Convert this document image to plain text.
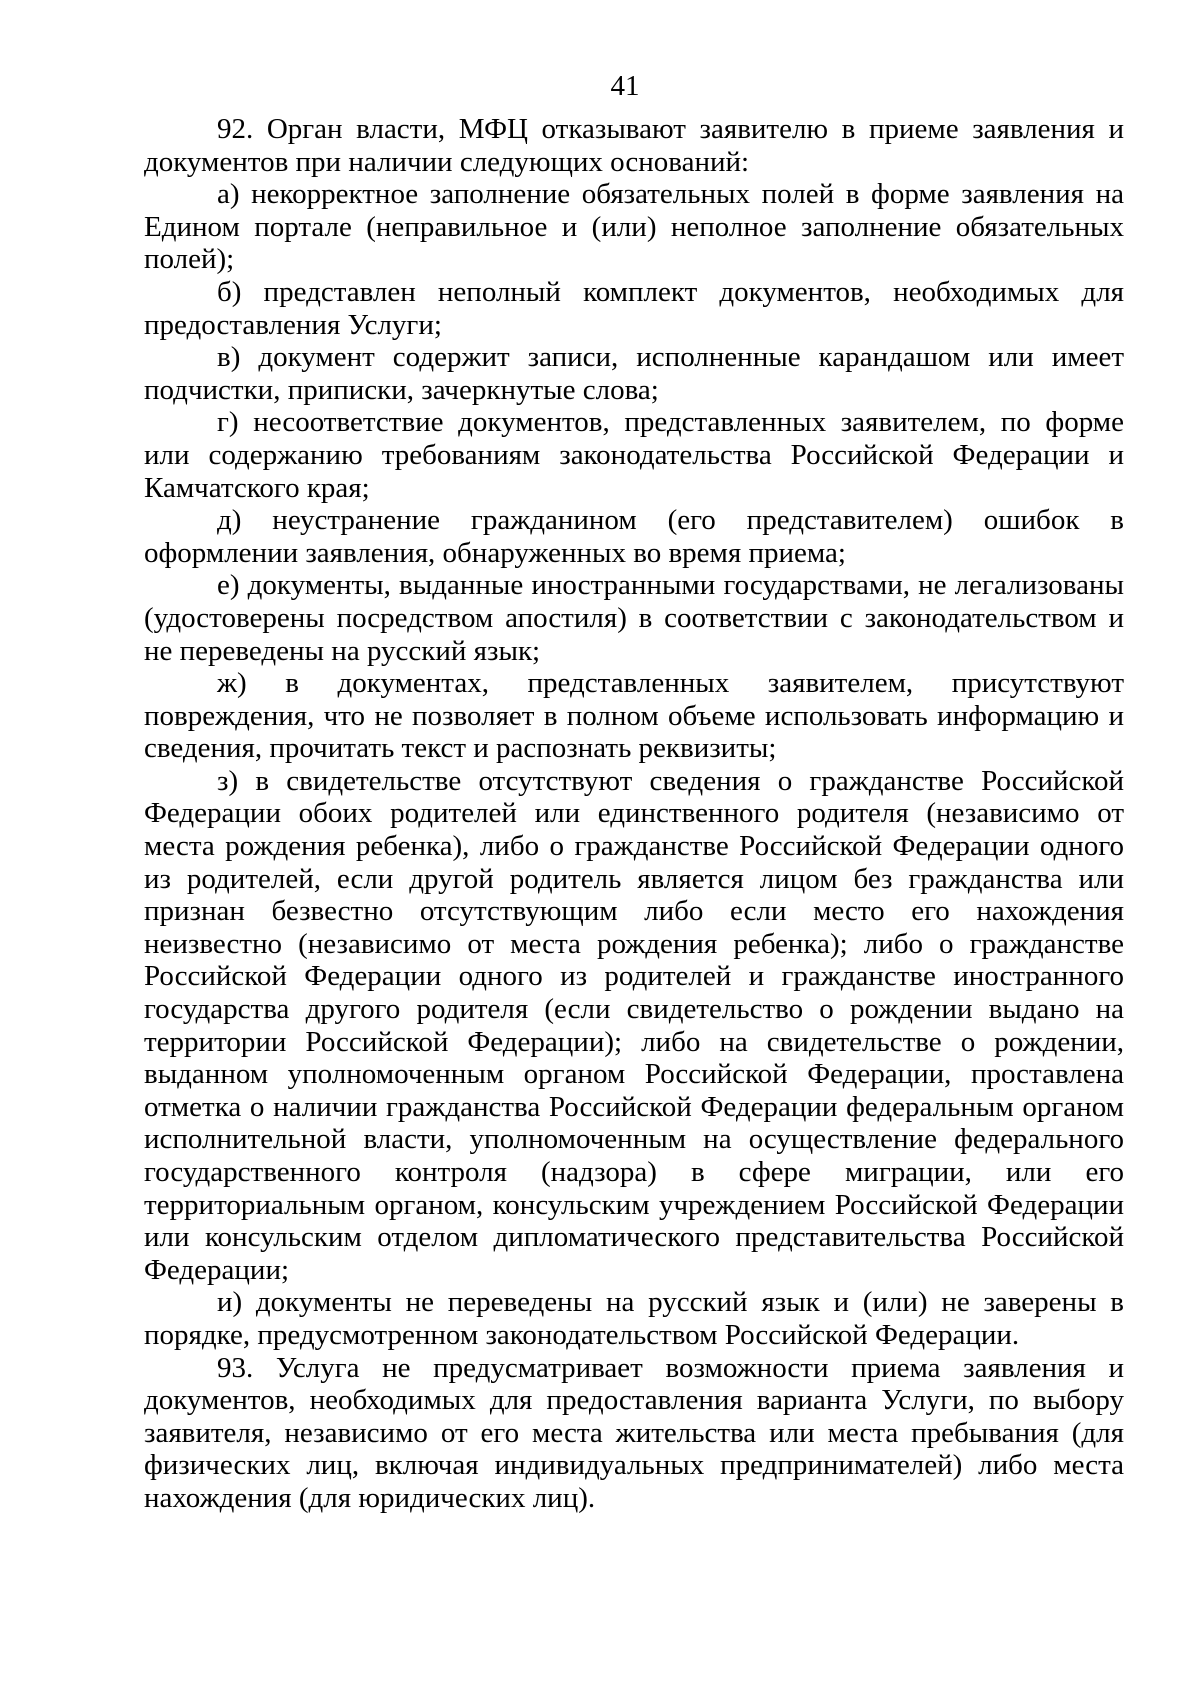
41

92. Орган власти, МФЦ отказывают заявителю в приеме заявления и документов при наличии следующих оснований:

а) некорректное заполнение обязательных полей в форме заявления на Едином портале (неправильное и (или) неполное заполнение обязательных полей);

б) представлен неполный комплект документов, необходимых для предоставления Услуги;

в) документ содержит записи, исполненные карандашом или имеет подчистки, приписки, зачеркнутые слова;

г) несоответствие документов, представленных заявителем, по форме или содержанию требованиям законодательства Российской Федерации и Камчатского края;

д) неустранение гражданином (его представителем) ошибок в оформлении заявления, обнаруженных во время приема;

е) документы, выданные иностранными государствами, не легализованы (удостоверены посредством апостиля) в соответствии с законодательством и не переведены на русский язык;

ж) в документах, представленных заявителем, присутствуют повреждения, что не позволяет в полном объеме использовать информацию и сведения, прочитать текст и распознать реквизиты;

з) в свидетельстве отсутствуют сведения о гражданстве Российской Федерации обоих родителей или единственного родителя (независимо от места рождения ребенка), либо о гражданстве Российской Федерации одного из родителей, если другой родитель является лицом без гражданства или признан безвестно отсутствующим либо если место его нахождения неизвестно (независимо от места рождения ребенка); либо о гражданстве Российской Федерации одного из родителей и гражданстве иностранного государства другого родителя (если свидетельство о рождении выдано на территории Российской Федерации); либо на свидетельстве о рождении, выданном уполномоченным органом Российской Федерации, проставлена отметка о наличии гражданства Российской Федерации федеральным органом исполнительной власти, уполномоченным на осуществление федерального государственного контроля (надзора) в сфере миграции, или его территориальным органом, консульским учреждением Российской Федерации или консульским отделом дипломатического представительства Российской Федерации;

и) документы не переведены на русский язык и (или) не заверены в порядке, предусмотренном законодательством Российской Федерации.

93. Услуга не предусматривает возможности приема заявления и документов, необходимых для предоставления варианта Услуги, по выбору заявителя, независимо от его места жительства или места пребывания (для физических лиц, включая индивидуальных предпринимателей) либо места нахождения (для юридических лиц).
